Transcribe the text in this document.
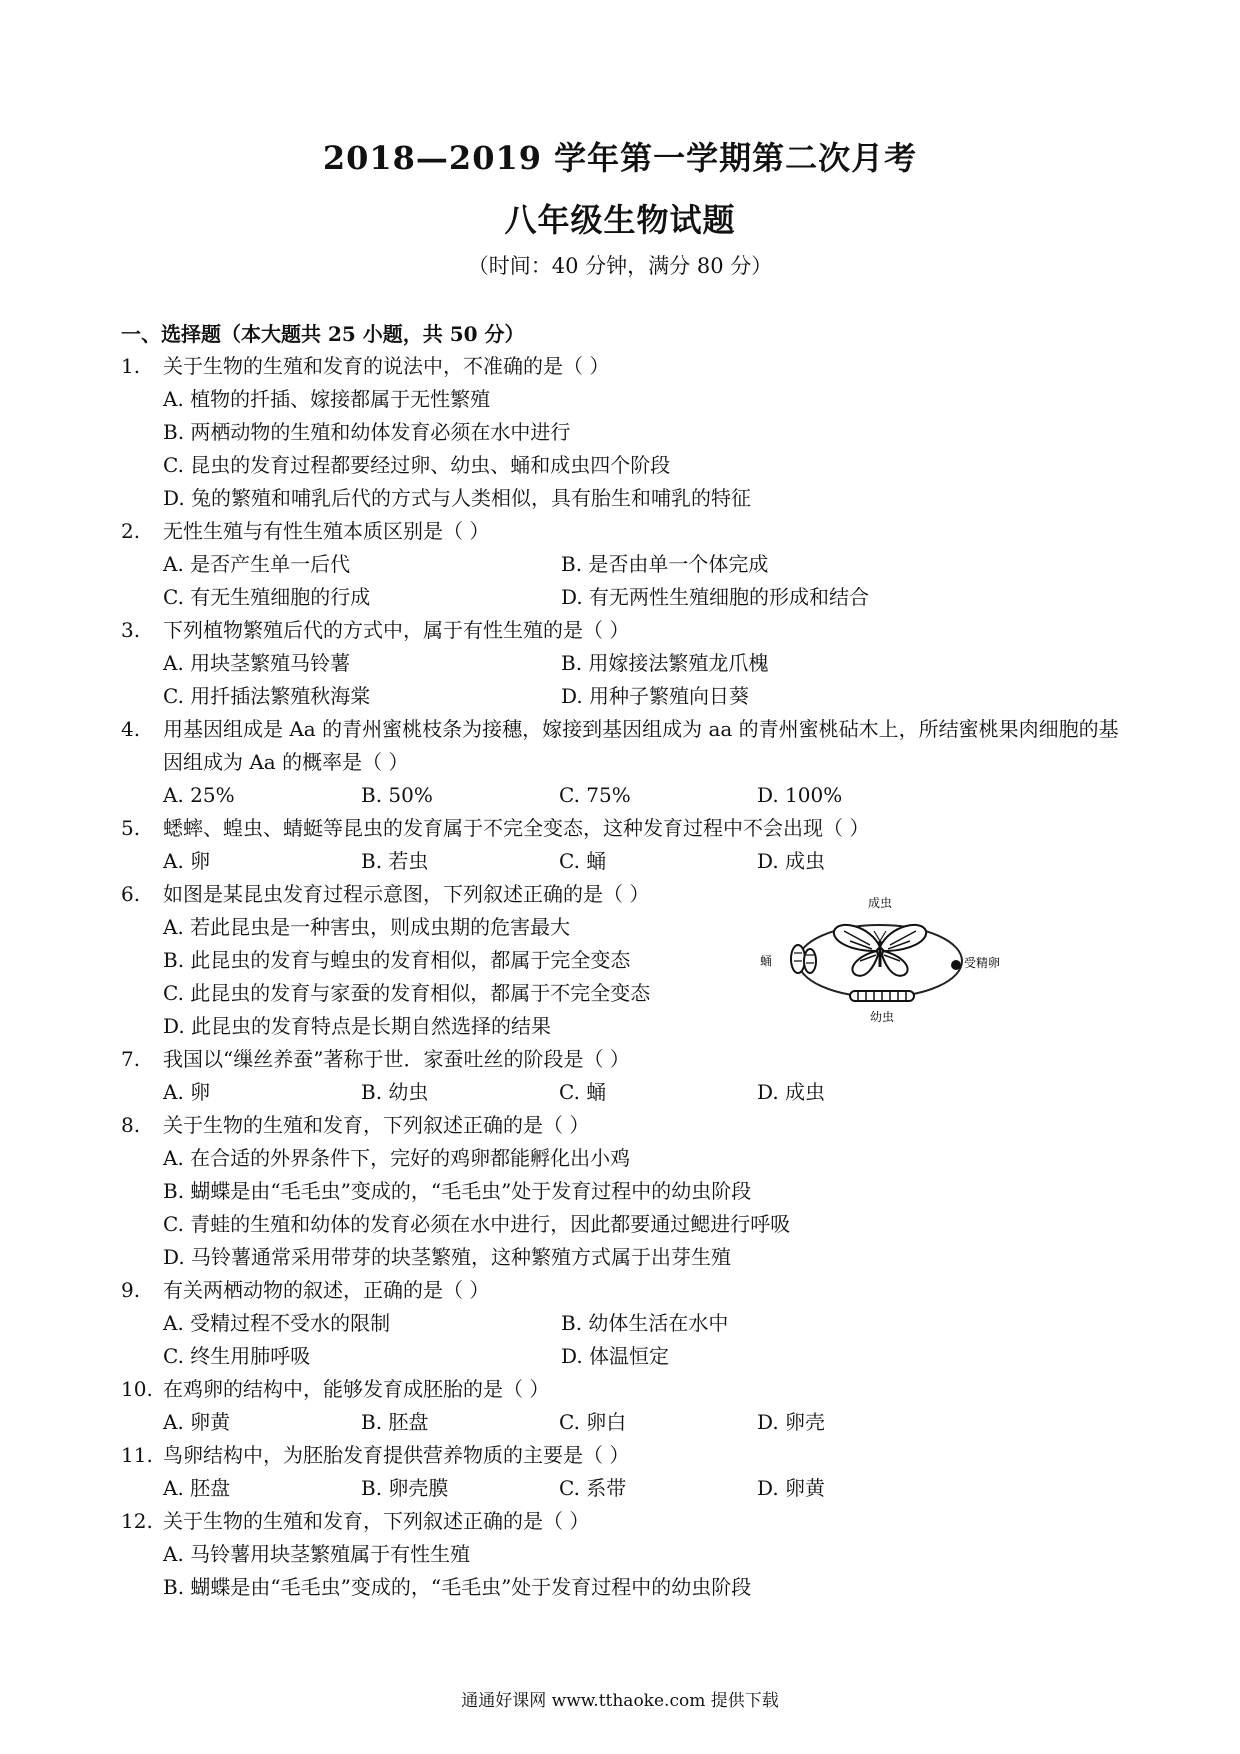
2018—2019 学年第一学期第二次月考
八年级生物试题
（时间：40 分钟，满分 80 分）
一、选择题（本大题共 25 小题，共 50 分）
1.	关于生物的生殖和发育的说法中，不准确的是（ ）
A. 植物的扦插、嫁接都属于无性繁殖
B. 两栖动物的生殖和幼体发育必须在水中进行
C. 昆虫的发育过程都要经过卵、幼虫、蛹和成虫四个阶段
D. 兔的繁殖和哺乳后代的方式与人类相似，具有胎生和哺乳的特征
2.	无性生殖与有性生殖本质区别是（ ）
A. 是否产生单一后代	B. 是否由单一个体完成
C. 有无生殖细胞的行成	D. 有无两性生殖细胞的形成和结合
3.	下列植物繁殖后代的方式中，属于有性生殖的是（ ）
A. 用块茎繁殖马铃薯	B. 用嫁接法繁殖龙爪槐
C. 用扦插法繁殖秋海棠	D. 用种子繁殖向日葵
4.	用基因组成是 Aa 的青州蜜桃枝条为接穗，嫁接到基因组成为 aa 的青州蜜桃砧木上，所结蜜桃果肉细胞的基因组成为 Aa 的概率是（ ）
A. 25%	B. 50%	C. 75%	D. 100%
5.	蟋蟀、蝗虫、蜻蜓等昆虫的发育属于不完全变态，这种发育过程中不会出现（ ）
A. 卵	B. 若虫	C. 蛹	D. 成虫
6.	如图是某昆虫发育过程示意图，下列叙述正确的是（ ）
A. 若此昆虫是一种害虫，则成虫期的危害最大
B. 此昆虫的发育与蝗虫的发育相似，都属于完全变态
C. 此昆虫的发育与家蚕的发育相似，都属于不完全变态
D. 此昆虫的发育特点是长期自然选择的结果
7.	我国以“缫丝养蚕”著称于世．家蚕吐丝的阶段是（ ）
A. 卵	B. 幼虫	C. 蛹	D. 成虫
8.	关于生物的生殖和发育，下列叙述正确的是（ ）
A. 在合适的外界条件下，完好的鸡卵都能孵化出小鸡
B. 蝴蝶是由“毛毛虫”变成的，“毛毛虫”处于发育过程中的幼虫阶段
C. 青蛙的生殖和幼体的发育必须在水中进行，因此都要通过鳃进行呼吸
D. 马铃薯通常采用带芽的块茎繁殖，这种繁殖方式属于出芽生殖
9.	有关两栖动物的叙述，正确的是（ ）
A. 受精过程不受水的限制	B. 幼体生活在水中
C. 终生用肺呼吸	D. 体温恒定
10. 在鸡卵的结构中，能够发育成胚胎的是（ ）
A. 卵黄	B. 胚盘	C. 卵白	D. 卵壳
11. 鸟卵结构中，为胚胎发育提供营养物质的主要是（ ）
A. 胚盘	B. 卵壳膜	C. 系带	D. 卵黄
12. 关于生物的生殖和发育，下列叙述正确的是（ ）
A. 马铃薯用块茎繁殖属于有性生殖
B. 蝴蝶是由“毛毛虫”变成的，“毛毛虫”处于发育过程中的幼虫阶段
成虫
蛹	受精卵
幼虫
通通好课网 www.tthaoke.com 提供下载
